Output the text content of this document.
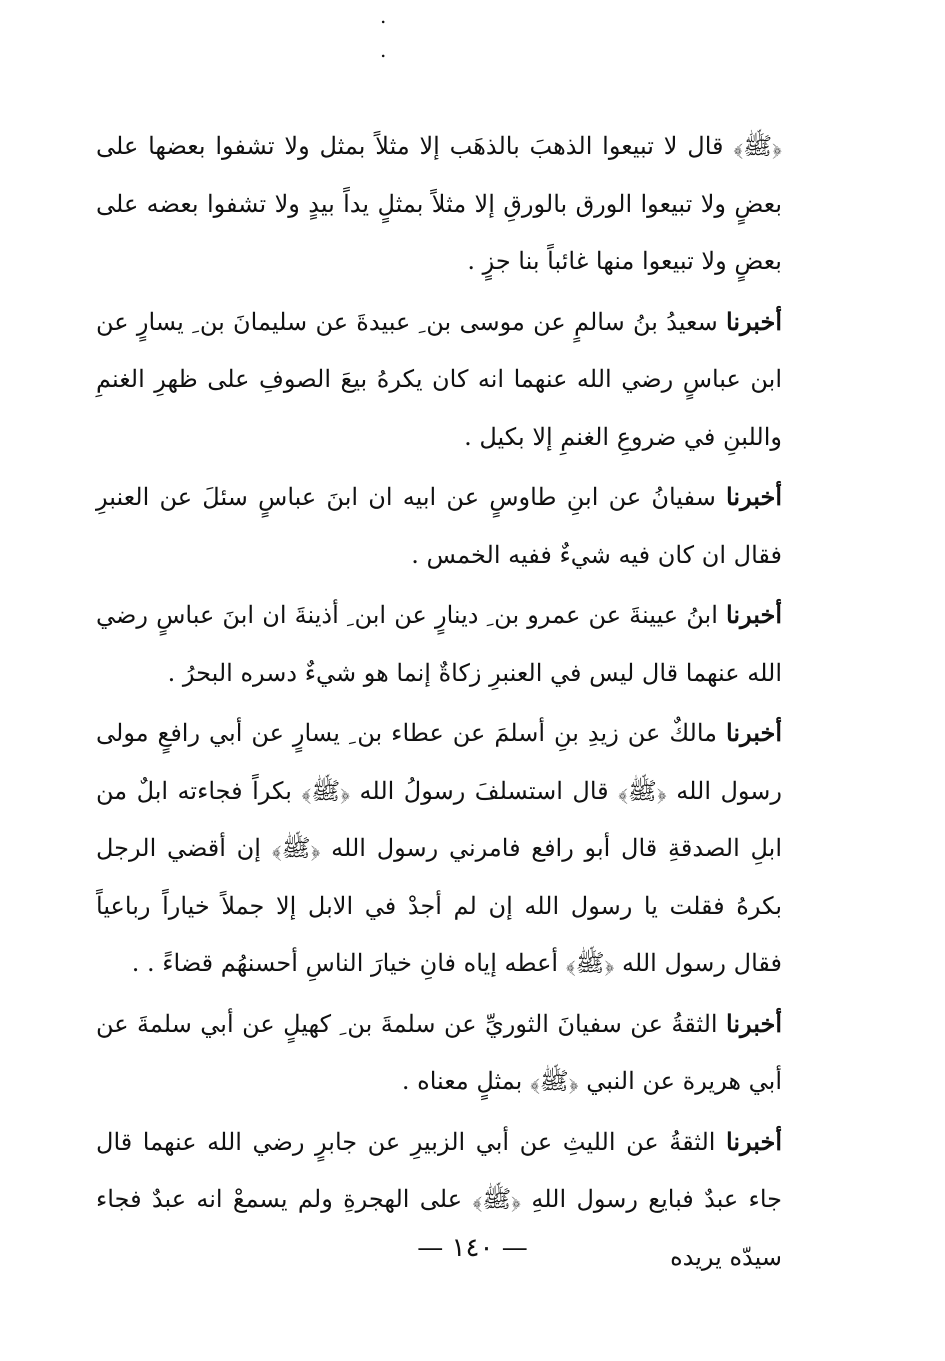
.
.

﴿ﷺ﴾ قال لا تبيعوا الذهبَ بالذهَب إلا مثلاً بمثل ولا تشفوا بعضها على بعضٍ ولا تبيعوا الورق بالورقِ إلا مثلاً بمثلٍ يداً بيدٍ ولا تشفوا بعضه على بعضٍ ولا تبيعوا منها غائباً بنا جزٍ .

أخبرنا سعيدُ بنُ سالمٍ عن موسى بن ِ عبيدةَ عن سليمانَ بن ِ يسارٍ عن ابن عباسٍ رضي الله عنهما انه كان يكرهُ بيعَ الصوفِ على ظهرِ الغنمِ واللبنِ في ضروعِ الغنمِ إلا بكيل .

أخبرنا سفيانُ عن ابنِ طاوسٍ عن ابيه ان ابنَ عباسٍ سئلَ عن العنبرِ فقال ان كان فيه شيءٌ ففيه الخمس .

أخبرنا ابنُ عيينةَ عن عمرو بن ِ دينارٍ عن ابن ِ أذينةَ ان ابنَ عباسٍ رضي الله عنهما قال ليس في العنبرِ زكاةٌ إنما هو شيءٌ دسره البحرُ .

أخبرنا مالكٌ عن زيدِ بنِ أسلمَ عن عطاء بن ِ يسارٍ عن أبي رافعٍ مولى رسول الله ﴿ﷺ﴾ قال استسلفَ رسولُ الله ﴿ﷺ﴾ بكراً فجاءته ابلٌ من ابلِ الصدقةِ قال أبو رافع فامرني رسول الله ﴿ﷺ﴾ إن أقضي الرجل بكرهُ فقلت يا رسول الله إن لم أجدْ في الابل إلا جملاً خياراً رباعياً فقال رسول الله ﴿ﷺ﴾ أعطه إياه فانِ خيارَ الناسِ أحسنهُم قضاءً . .

أخبرنا الثقةُ عن سفيانَ الثوريِّ عن سلمةَ بن ِ كهيلٍ عن أبي سلمةَ عن أبي هريرة عن النبي ﴿ﷺ﴾ بمثلٍ معناه .

أخبرنا الثقةُ عن الليثِ عن أبي الزبيرِ عن جابرٍ رضي الله عنهما قال جاء عبدٌ فبايع رسول اللهِ ﴿ﷺ﴾ على الهجرةِ ولم يسمعْ انه عبدٌ فجاء سيدّه يريده

— ١٤٠ —
